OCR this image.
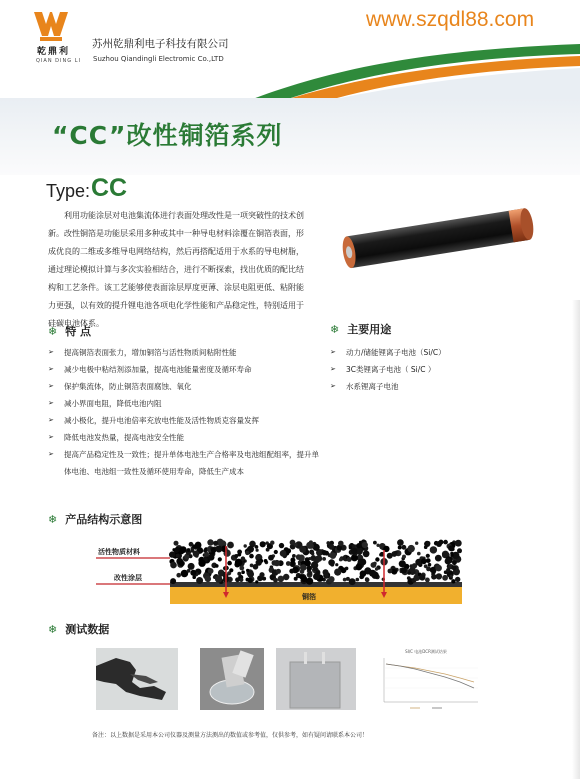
乾鼎利
QIAN DING LI
苏州乾鼎利电子科技有限公司
Suzhou Qiandingli Electromic Co.,LTD
www.szqdl88.com
“CC”改性铜箔系列
Type: CC
利用功能涂层对电池集流体进行表面处理改性是一项突破性的技术创新。改性铜箔是功能层采用多种或其中一种导电材料涂覆在铜箔表面，形成优良的二维或多维导电网络结构，然后再搭配适用于水系的导电树脂，通过理论模拟计算与多次实验相结合，进行不断探索，找出优质的配比结构和工艺条件。该工艺能够使表面涂层厚度更薄、涂层电阻更低、粘附能力更强，以有效的提升锂电池各项电化学性能和产品稳定性，特别适用于硅碳电池体系。
❄ 特 点
➢ 提高铜箔表面张力，增加铜箔与活性物质间粘附性能
➢ 减少电极中粘结剂添加量，提高电池能量密度及循环寿命
➢ 保护集流体，防止铜箔表面腐蚀、氧化
➢ 减小界面电阻，降低电池内阻
➢ 减小极化，提升电池倍率充放电性能及活性物质克容量发挥
➢ 降低电池发热量，提高电池安全性能
➢ 提高产品稳定性及一致性；提升单体电池生产合格率及电池组配组率，提升单体电池、电池组一致性及循环使用寿命，降低生产成本
❄ 主要用途
➢ 动力/储能锂离子电池（Si/C）
➢ 3C类锂离子电池（ Si/C ）
➢ 水系锂离子电池
❄ 产品结构示意图
活性物质材料
改性涂层
铜箔
❄ 测试数据
SI/C 电池DCR测试结果
备注：以上数据是采用本公司仪器及测量方法测出的数值或参考值，仅供参考，如有疑问请联系本公司！
